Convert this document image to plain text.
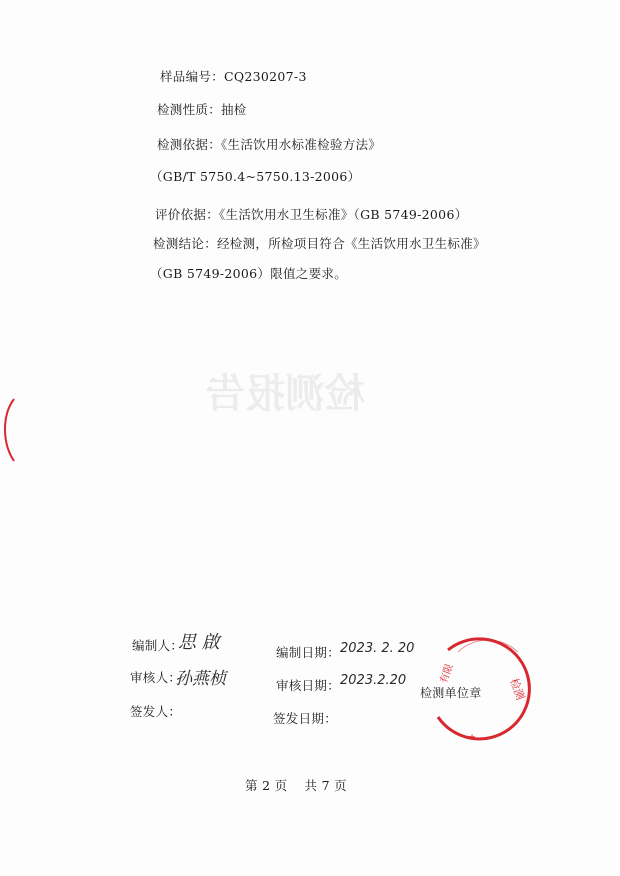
检测报告
样品编号：CQ230207-3
检测性质：抽检
检测依据：《生活饮用水标准检验方法》
（GB/T 5750.4~5750.13-2006）
评价依据：《生活饮用水卫生标准》（GB 5749-2006）
检测结论：经检测，所检项目符合《生活饮用水卫生标准》
（GB 5749-2006）限值之要求。
编制人：
思 啟	编制日期： 2023. 2. 20
审核人：
孙燕桢	审核日期： 2023.2.20
签发人：	签发日期：
检测
有限
★
检测单位章
第 2 页    共 7 页
